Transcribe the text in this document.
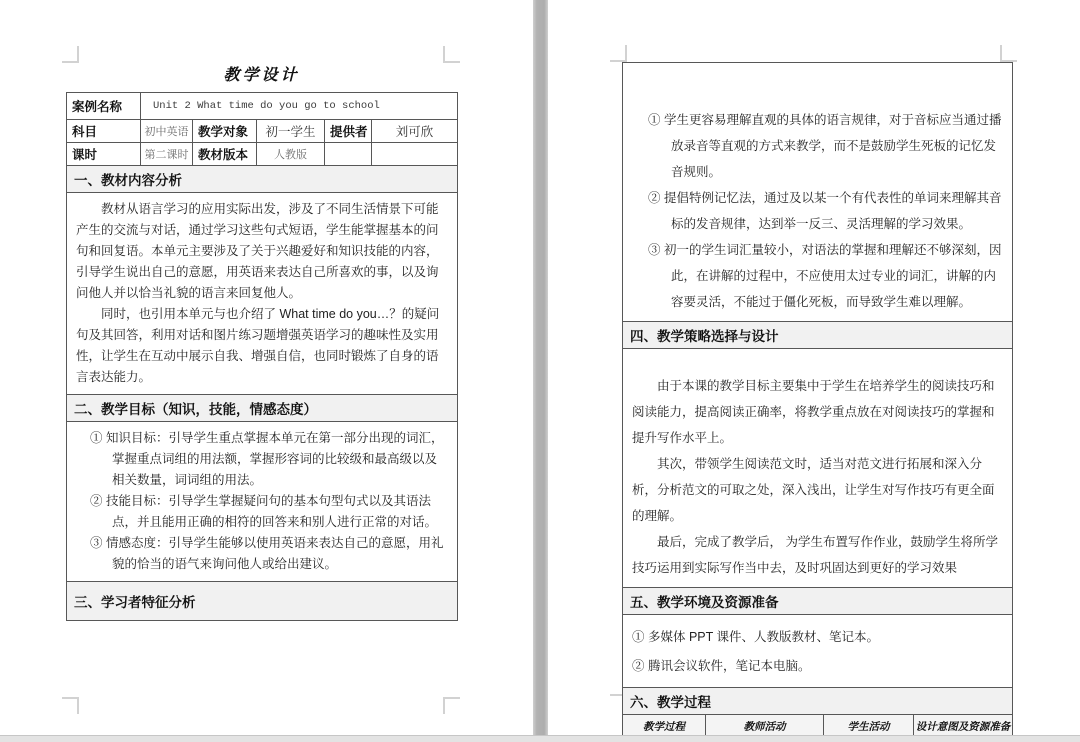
教学设计
案例名称	Unit 2 What time do you go to school				
科目	初中英语	教学对象	初一学生	提供者	刘可欣
课时	第二课时	教材版本	人教版		
一、教材内容分析					

教材从语言学习的应用实际出发，涉及了不同生活情景下可能产生的交流与对话，通过学习这些句式短语，学生能掌握基本的问句和回复语。本单元主要涉及了关于兴趣爱好和知识技能的内容，引导学生说出自己的意愿，用英语来表达自己所喜欢的事，以及询问他人并以恰当礼貌的语言来回复他人。

同时，也引用本单元与也介绍了 What time do you…？的疑问句及其回答，利用对话和图片练习题增强英语学习的趣味性及实用性，让学生在互动中展示自我、增强自信，也同时锻炼了自身的语言表达能力。					

二、教学目标（知识，技能，情感态度）					

① 知识目标：引导学生重点掌握本单元在第一部分出现的词汇，掌握重点词组的用法额，掌握形容词的比较级和最高级以及相关数量，词词组的用法。
② 技能目标：引导学生掌握疑问句的基本句型句式以及其语法点，并且能用正确的相符的回答来和别人进行正常的对话。
③ 情感态度：引导学生能够以使用英语来表达自己的意愿，用礼貌的恰当的语气来询问他人或给出建议。					

三、学习者特征分析					
① 学生更容易理解直观的具体的语言规律，对于音标应当通过播放录音等直观的方式来教学，而不是鼓励学生死板的记忆发音规则。
② 提倡特例记忆法，通过及以某一个有代表性的单词来理解其音标的发音规律，达到举一反三、灵活理解的学习效果。
③ 初一的学生词汇量较小，对语法的掌握和理解还不够深刻，因此，在讲解的过程中，不应使用太过专业的词汇，讲解的内容要灵活，不能过于僵化死板，而导致学生难以理解。

四、教学策略选择与设计

由于本课的教学目标主要集中于学生在培养学生的阅读技巧和阅读能力，提高阅读正确率，将教学重点放在对阅读技巧的掌握和提升写作水平上。

其次，带领学生阅读范文时，适当对范文进行拓展和深入分析，分析范文的可取之处，深入浅出，让学生对写作技巧有更全面的理解。

最后，完成了教学后， 为学生布置写作作业，鼓励学生将所学技巧运用到实际写作当中去，及时巩固达到更好的学习效果

五、教学环境及资源准备

① 多媒体 PPT 课件、人教版教材、笔记本。
② 腾讯会议软件，笔记本电脑。

六、教学过程
教学过程	教师活动	学生活动	设计意图及资源准备
